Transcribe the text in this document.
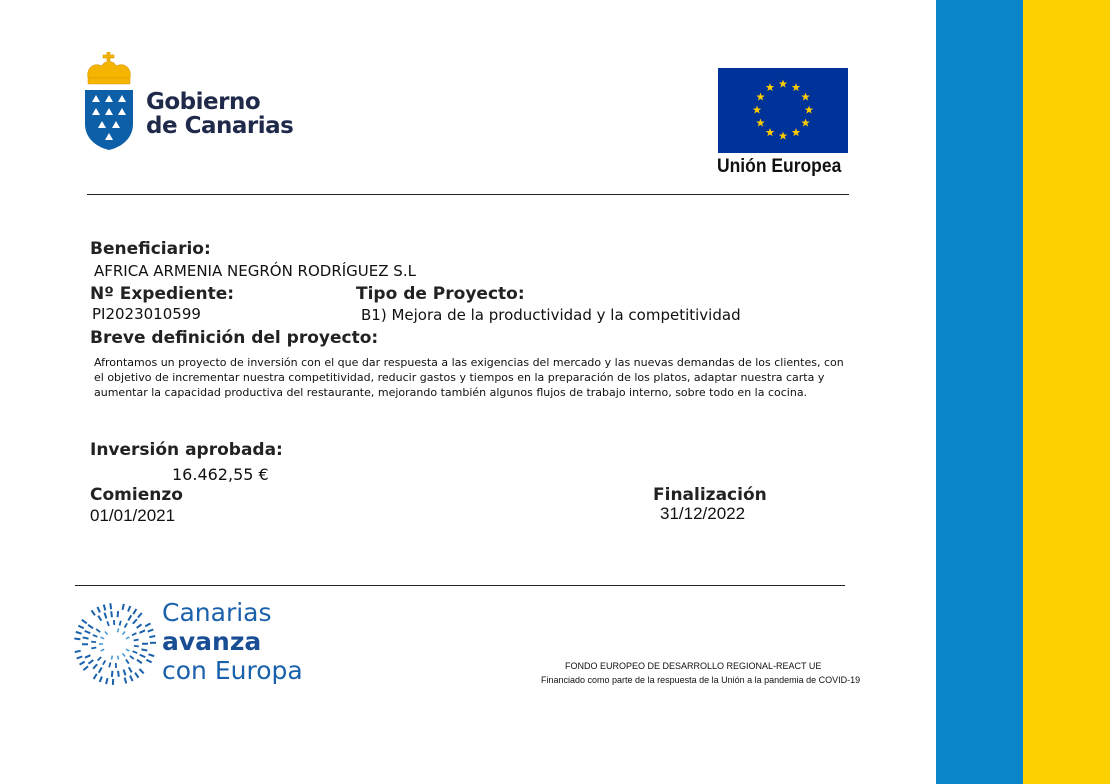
Gobierno
de Canarias
Unión Europea
Beneficiario:
AFRICA ARMENIA NEGRÓN RODRÍGUEZ S.L
Nº Expediente:
PI2023010599
Tipo de Proyecto:
B1) Mejora de la productividad y la competitividad
Breve definición del proyecto:
Afrontamos un proyecto de inversión con el que dar respuesta a las exigencias del mercado y las nuevas demandas de los clientes, con el objetivo de incrementar nuestra competitividad, reducir gastos y tiempos en la preparación de los platos, adaptar nuestra carta y aumentar la capacidad productiva del restaurante, mejorando también algunos flujos de trabajo interno, sobre todo en la cocina.
Inversión aprobada:
16.462,55 €
Comienzo
01/01/2021
Finalización
31/12/2022
Canarias
avanza
con Europa	FONDO EUROPEO DE DESARROLLO REGIONAL-REACT UE
Financiado como parte de la respuesta de la Unión a la pandemia de COVID-19
